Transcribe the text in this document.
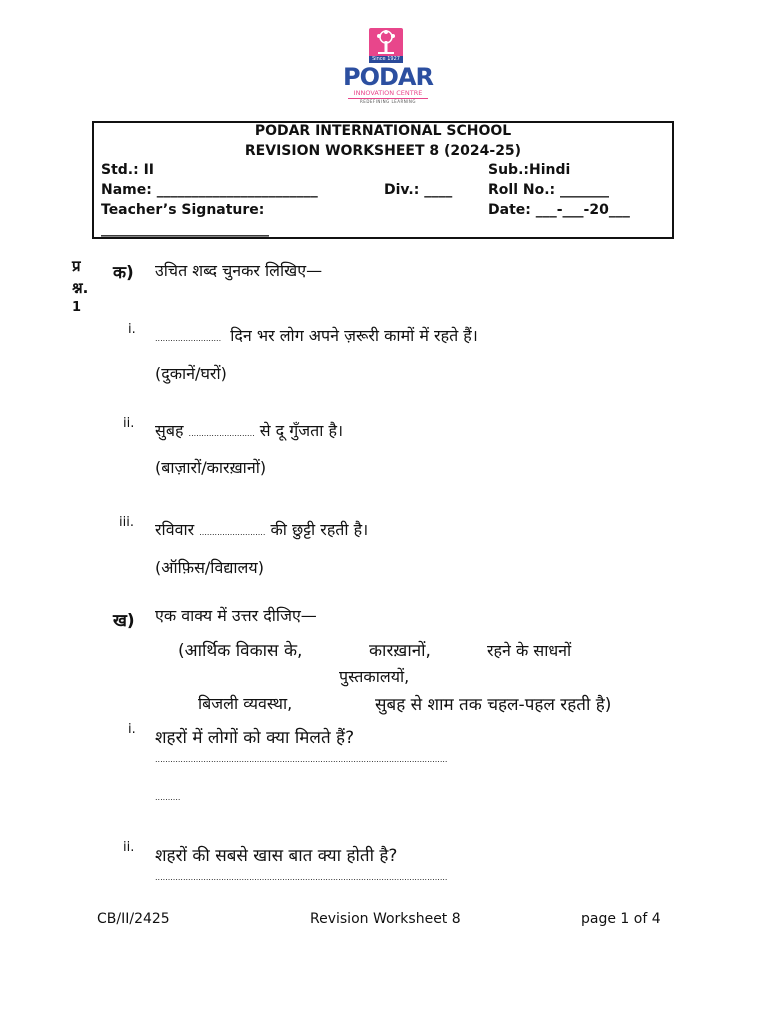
Since 1927
PODAR
INNOVATION CENTRE
REDEFINING LEARNING
PODAR INTERNATIONAL SCHOOL
REVISION WORKSHEET 8 (2024-25)
Std.: II	Sub.:Hindi
Name: _______________________	Div.: ____	Roll No.: _______
Teacher’s Signature:	Date: ___-___-20___
________________________
प्र
श्न.
1
क) उचित शब्द चुनकर लिखिए—
i.
.......................... दिन भर लोग अपने ज़रूरी कामों में रहते हैं।
(दुकानें/घरों)
ii. सुबह .......................... से दू गुँजता है।
(बाज़ारों/कारख़ानों)
iii. रविवार .......................... की छुट्टी रहती है।
(ऑफ़िस/विद्यालय)
ख) एक वाक्य में उत्तर दीजिए—
(आर्थिक विकास के,	कारख़ानों,	रहने के साधनों
पुस्तकालयों,
बिजली व्यवस्था,	सुबह से शाम तक चहल-पहल रहती है)
i. शहरों में लोगों को क्या मिलते हैं?
...................................................................................................................
..........
ii. शहरों की सबसे खास बात क्या होती है?
...................................................................................................................
CB/II/2425	Revision Worksheet 8	page 1 of 4
